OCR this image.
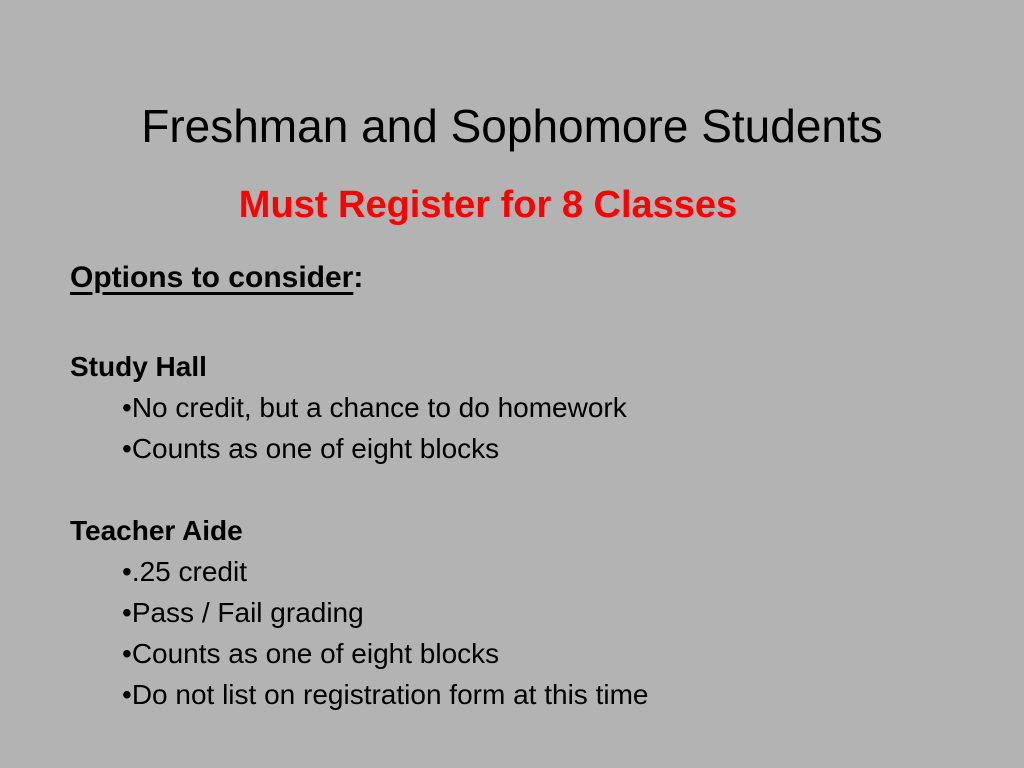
Freshman and Sophomore Students
Must Register for 8 Classes
Options to consider:
Study Hall
• No credit, but a chance to do homework
• Counts as one of eight blocks
Teacher Aide
• .25 credit
• Pass / Fail grading
• Counts as one of eight blocks
• Do not list on registration form at this time
